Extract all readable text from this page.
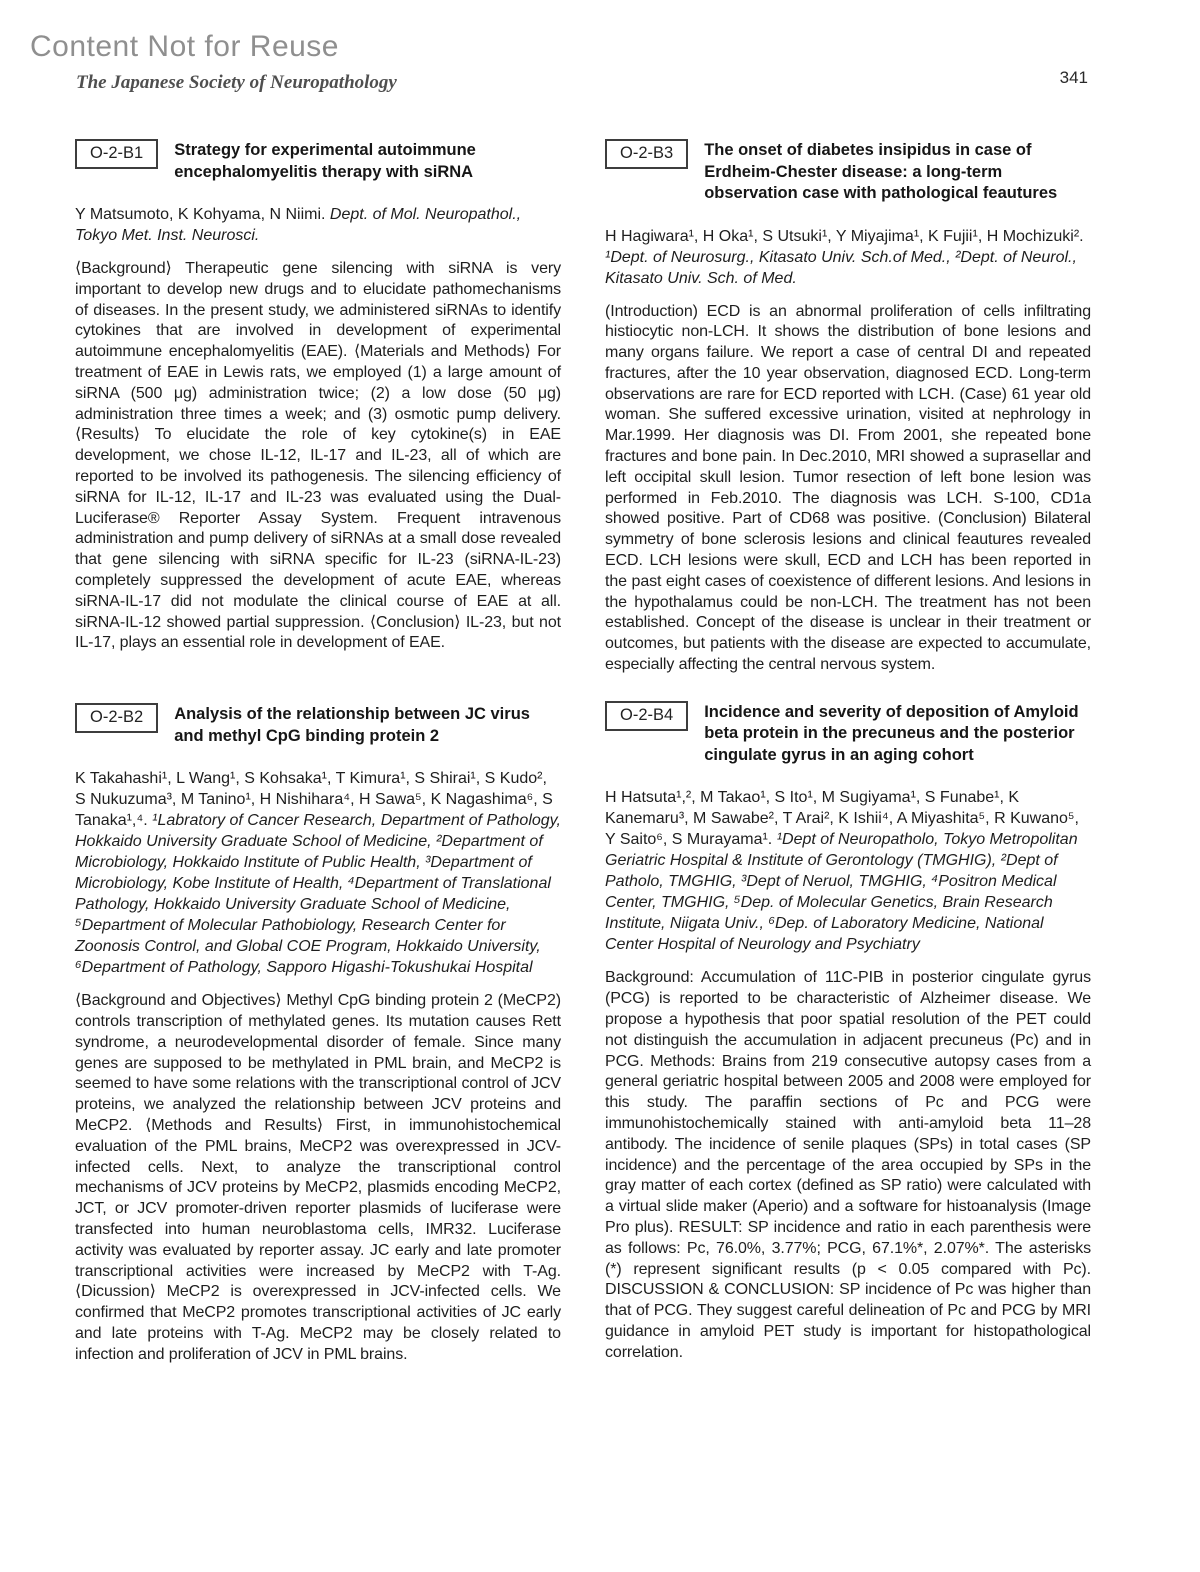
Content Not for Reuse
The Japanese Society of Neuropathology	341
O-2-B1	Strategy for experimental autoimmune encephalomyelitis therapy with siRNA

Y Matsumoto, K Kohyama, N Niimi. Dept. of Mol. Neuropathol., Tokyo Met. Inst. Neurosci.

⟨Background⟩ Therapeutic gene silencing with siRNA is very important to develop new drugs and to elucidate pathomechanisms of diseases. In the present study, we administered siRNAs to identify cytokines that are involved in development of experimental autoimmune encephalomyelitis (EAE). ⟨Materials and Methods⟩ For treatment of EAE in Lewis rats, we employed (1) a large amount of siRNA (500 μg) administration twice; (2) a low dose (50 μg) administration three times a week; and (3) osmotic pump delivery. ⟨Results⟩ To elucidate the role of key cytokine(s) in EAE development, we chose IL-12, IL-17 and IL-23, all of which are reported to be involved its pathogenesis. The silencing efficiency of siRNA for IL-12, IL-17 and IL-23 was evaluated using the Dual-Luciferase® Reporter Assay System. Frequent intravenous administration and pump delivery of siRNAs at a small dose revealed that gene silencing with siRNA specific for IL-23 (siRNA-IL-23) completely suppressed the development of acute EAE, whereas siRNA-IL-17 did not modulate the clinical course of EAE at all. siRNA-IL-12 showed partial suppression. ⟨Conclusion⟩ IL-23, but not IL-17, plays an essential role in development of EAE.

O-2-B2	Analysis of the relationship between JC virus and methyl CpG binding protein 2

K Takahashi¹, L Wang¹, S Kohsaka¹, T Kimura¹, S Shirai¹, S Kudo², S Nukuzuma³, M Tanino¹, H Nishihara⁴, H Sawa⁵, K Nagashima⁶, S Tanaka¹,⁴. ¹Labratory of Cancer Research, Department of Pathology, Hokkaido University Graduate School of Medicine, ²Department of Microbiology, Hokkaido Institute of Public Health, ³Department of Microbiology, Kobe Institute of Health, ⁴Department of Translational Pathology, Hokkaido University Graduate School of Medicine, ⁵Department of Molecular Pathobiology, Research Center for Zoonosis Control, and Global COE Program, Hokkaido University, ⁶Department of Pathology, Sapporo Higashi-Tokushukai Hospital

⟨Background and Objectives⟩ Methyl CpG binding protein 2 (MeCP2) controls transcription of methylated genes. Its mutation causes Rett syndrome, a neurodevelopmental disorder of female. Since many genes are supposed to be methylated in PML brain, and MeCP2 is seemed to have some relations with the transcriptional control of JCV proteins, we analyzed the relationship between JCV proteins and MeCP2. ⟨Methods and Results⟩ First, in immunohistochemical evaluation of the PML brains, MeCP2 was overexpressed in JCV-infected cells. Next, to analyze the transcriptional control mechanisms of JCV proteins by MeCP2, plasmids encoding MeCP2, JCT, or JCV promoter-driven reporter plasmids of luciferase were transfected into human neuroblastoma cells, IMR32. Luciferase activity was evaluated by reporter assay. JC early and late promoter transcriptional activities were increased by MeCP2 with T-Ag. ⟨Dicussion⟩ MeCP2 is overexpressed in JCV-infected cells. We confirmed that MeCP2 promotes transcriptional activities of JC early and late proteins with T-Ag. MeCP2 may be closely related to infection and proliferation of JCV in PML brains.

O-2-B3	The onset of diabetes insipidus in case of Erdheim-Chester disease: a long-term observation case with pathological feautures

H Hagiwara¹, H Oka¹, S Utsuki¹, Y Miyajima¹, K Fujii¹, H Mochizuki². ¹Dept. of Neurosurg., Kitasato Univ. Sch.of Med., ²Dept. of Neurol., Kitasato Univ. Sch. of Med.

(Introduction) ECD is an abnormal proliferation of cells infiltrating histiocytic non-LCH. It shows the distribution of bone lesions and many organs failure. We report a case of central DI and repeated fractures, after the 10 year observation, diagnosed ECD. Long-term observations are rare for ECD reported with LCH. (Case) 61 year old woman. She suffered excessive urination, visited at nephrology in Mar.1999. Her diagnosis was DI. From 2001, she repeated bone fractures and bone pain. In Dec.2010, MRI showed a suprasellar and left occipital skull lesion. Tumor resection of left bone lesion was performed in Feb.2010. The diagnosis was LCH. S-100, CD1a showed positive. Part of CD68 was positive. (Conclusion) Bilateral symmetry of bone sclerosis lesions and clinical feautures revealed ECD. LCH lesions were skull, ECD and LCH has been reported in the past eight cases of coexistence of different lesions. And lesions in the hypothalamus could be non-LCH. The treatment has not been established. Concept of the disease is unclear in their treatment or outcomes, but patients with the disease are expected to accumulate, especially affecting the central nervous system.

O-2-B4	Incidence and severity of deposition of Amyloid beta protein in the precuneus and the posterior cingulate gyrus in an aging cohort

H Hatsuta¹,², M Takao¹, S Ito¹, M Sugiyama¹, S Funabe¹, K Kanemaru³, M Sawabe², T Arai², K Ishii⁴, A Miyashita⁵, R Kuwano⁵, Y Saito⁶, S Murayama¹. ¹Dept of Neuropatholo, Tokyo Metropolitan Geriatric Hospital & Institute of Gerontology (TMGHIG), ²Dept of Patholo, TMGHIG, ³Dept of Neruol, TMGHIG, ⁴Positron Medical Center, TMGHIG, ⁵Dep. of Molecular Genetics, Brain Research Institute, Niigata Univ., ⁶Dep. of Laboratory Medicine, National Center Hospital of Neurology and Psychiatry

Background: Accumulation of 11C-PIB in posterior cingulate gyrus (PCG) is reported to be characteristic of Alzheimer disease. We propose a hypothesis that poor spatial resolution of the PET could not distinguish the accumulation in adjacent precuneus (Pc) and in PCG. Methods: Brains from 219 consecutive autopsy cases from a general geriatric hospital between 2005 and 2008 were employed for this study. The paraffin sections of Pc and PCG were immunohistochemically stained with anti-amyloid beta 11–28 antibody. The incidence of senile plaques (SPs) in total cases (SP incidence) and the percentage of the area occupied by SPs in the gray matter of each cortex (defined as SP ratio) were calculated with a virtual slide maker (Aperio) and a software for histoanalysis (Image Pro plus). RESULT: SP incidence and ratio in each parenthesis were as follows: Pc, 76.0%, 3.77%; PCG, 67.1%*, 2.07%*. The asterisks (*) represent significant results (p < 0.05 compared with Pc). DISCUSSION & CONCLUSION: SP incidence of Pc was higher than that of PCG. They suggest careful delineation of Pc and PCG by MRI guidance in amyloid PET study is important for histopathological correlation.
